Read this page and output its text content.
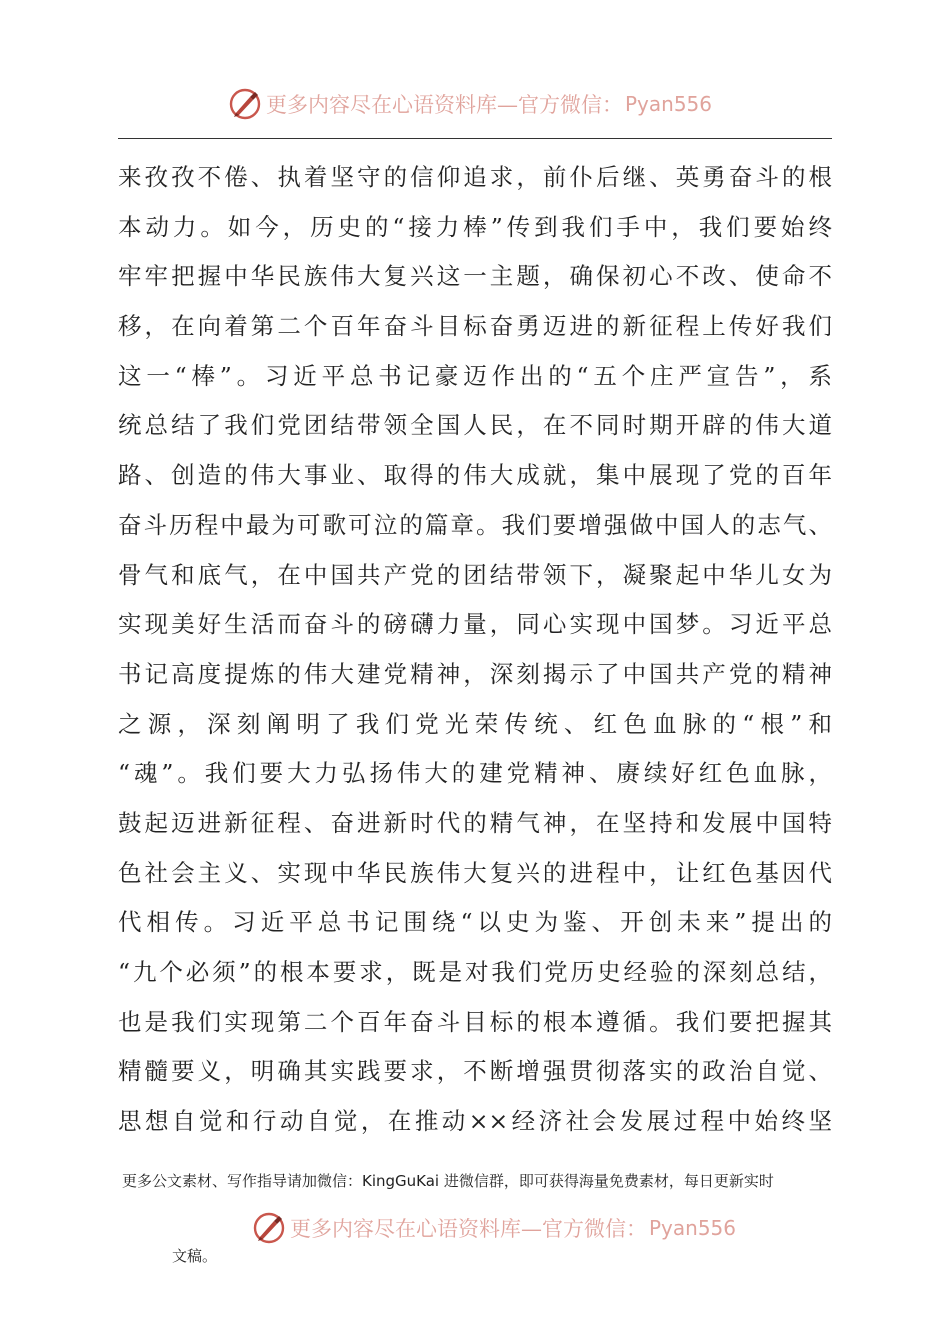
更多内容尽在心语资料库—官方微信： Pyan556
来孜孜不倦、执着坚守的信仰追求，前仆后继、英勇奋斗的根
本动力。如今，历史的“接力棒”传到我们手中，我们要始终
牢牢把握中华民族伟大复兴这一主题，确保初心不改、使命不
移，在向着第二个百年奋斗目标奋勇迈进的新征程上传好我们
这一“棒”。习近平总书记豪迈作出的“五个庄严宣告”，系
统总结了我们党团结带领全国人民，在不同时期开辟的伟大道
路、创造的伟大事业、取得的伟大成就，集中展现了党的百年
奋斗历程中最为可歌可泣的篇章。我们要增强做中国人的志气、
骨气和底气，在中国共产党的团结带领下，凝聚起中华儿女为
实现美好生活而奋斗的磅礴力量，同心实现中国梦。习近平总
书记高度提炼的伟大建党精神，深刻揭示了中国共产党的精神
之源，深刻阐明了我们党光荣传统、红色血脉的“根”和
“魂”。我们要大力弘扬伟大的建党精神、赓续好红色血脉，
鼓起迈进新征程、奋进新时代的精气神，在坚持和发展中国特
色社会主义、实现中华民族伟大复兴的进程中，让红色基因代
代相传。习近平总书记围绕“以史为鉴、开创未来”提出的
“九个必须”的根本要求，既是对我们党历史经验的深刻总结，
也是我们实现第二个百年奋斗目标的根本遵循。我们要把握其
精髓要义，明确其实践要求，不断增强贯彻落实的政治自觉、
思想自觉和行动自觉，在推动××经济社会发展过程中始终坚
更多公文素材、写作指导请加微信：KingGuKai 进微信群，即可获得海量免费素材，每日更新实时
更多内容尽在心语资料库—官方微信： Pyan556
文稿。
